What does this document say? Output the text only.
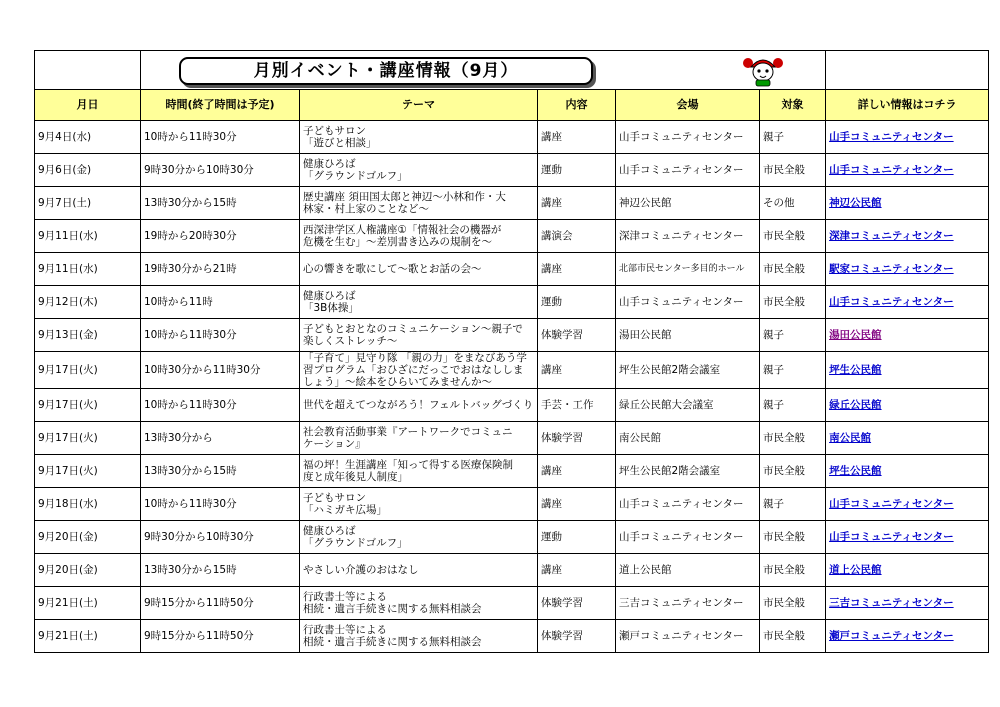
	月別イベント・講座情報（9月）					

月日	時間(終了時間は予定)	テーマ	内容	会場	対象	詳しい情報はコチラ
9月4日(水)	10時から11時30分	子どもサロン
「遊びと相談」	講座	山手コミュニティセンター	親子	山手コミュニティセンター
9月6日(金)	9時30分から10時30分	健康ひろば
「グラウンドゴルフ」	運動	山手コミュニティセンター	市民全般	山手コミュニティセンター
9月7日(土)	13時30分から15時	歴史講座 須田国太郎と神辺～小林和作・大
林家・村上家のことなど～	講座	神辺公民館	その他	神辺公民館
9月11日(水)	19時から20時30分	西深津学区人権講座①「情報社会の機器が
危機を生む」～差別書き込みの規制を～	講演会	深津コミュニティセンター	市民全般	深津コミュニティセンター
9月11日(水)	19時30分から21時	心の響きを歌にして～歌とお話の会～	講座	北部市民センター多目的ホール	市民全般	駅家コミュニティセンター
9月12日(木)	10時から11時	健康ひろば
「3B体操」	運動	山手コミュニティセンター	市民全般	山手コミュニティセンター
9月13日(金)	10時から11時30分	子どもとおとなのコミュニケーション～親子で
楽しくストレッチ～	体験学習	湯田公民館	親子	湯田公民館
9月17日(火)	10時30分から11時30分	「子育て」見守り隊 「親の力」をまなびあう学
習プログラム「おひざにだっこでおはなししま
しょう」～絵本をひらいてみませんか～	講座	坪生公民館2階会議室	親子	坪生公民館
9月17日(火)	10時から11時30分	世代を超えてつながろう！フェルトバッグづくり	手芸・工作	緑丘公民館大会議室	親子	緑丘公民館
9月17日(火)	13時30分から	社会教育活動事業『アートワークでコミュニ
ケーション』	体験学習	南公民館	市民全般	南公民館
9月17日(火)	13時30分から15時	福の坪！生涯講座「知って得する医療保険制
度と成年後見人制度」	講座	坪生公民館2階会議室	市民全般	坪生公民館
9月18日(水)	10時から11時30分	子どもサロン
「ハミガキ広場」	講座	山手コミュニティセンター	親子	山手コミュニティセンター
9月20日(金)	9時30分から10時30分	健康ひろば
「グラウンドゴルフ」	運動	山手コミュニティセンター	市民全般	山手コミュニティセンター
9月20日(金)	13時30分から15時	やさしい介護のおはなし	講座	道上公民館	市民全般	道上公民館
9月21日(土)	9時15分から11時50分	行政書士等による
相続・遺言手続きに関する無料相談会	体験学習	三吉コミュニティセンター	市民全般	三吉コミュニティセンター
9月21日(土)	9時15分から11時50分	行政書士等による
相続・遺言手続きに関する無料相談会	体験学習	瀬戸コミュニティセンター	市民全般	瀬戸コミュニティセンター
